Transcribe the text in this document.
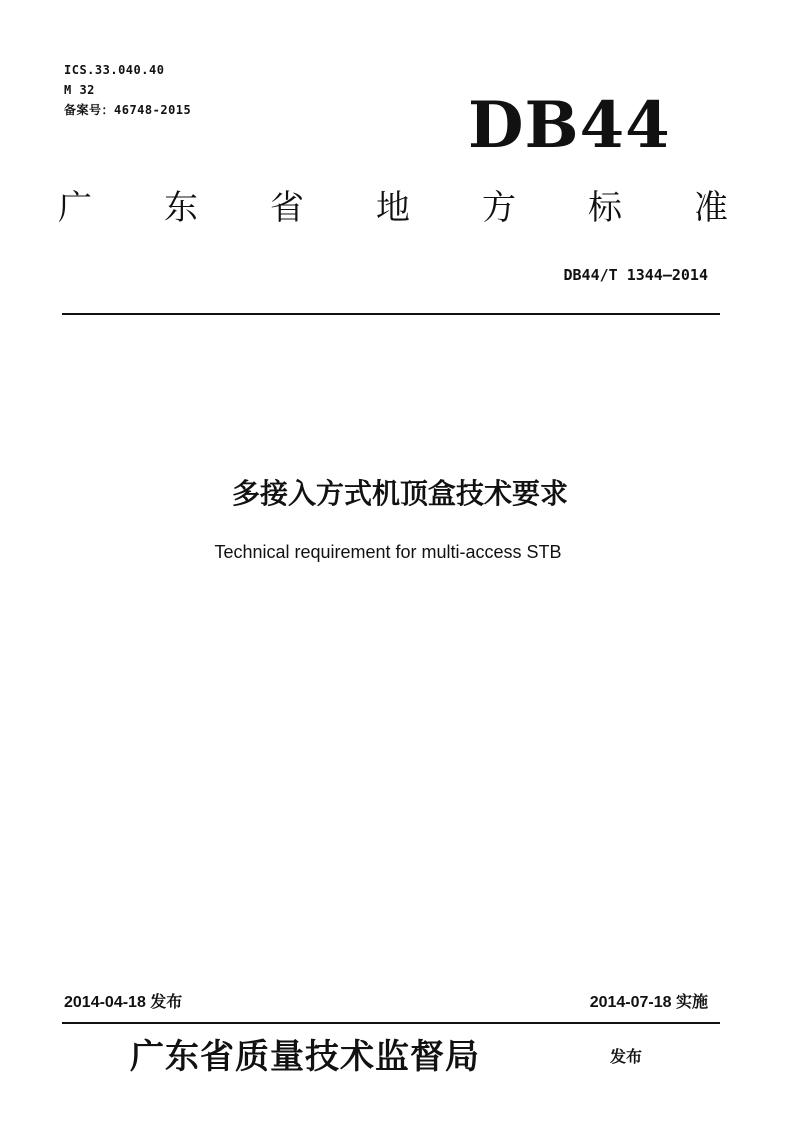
ICS.33.040.40
M 32
备案号：46748-2015	DB44
广 东 省 地 方 标 准
DB44/T 1344—2014
多接入方式机顶盒技术要求
Technical requirement for multi-access STB
2014-04-18 发布	2014-07-18 实施
广东省质量技术监督局	发布
